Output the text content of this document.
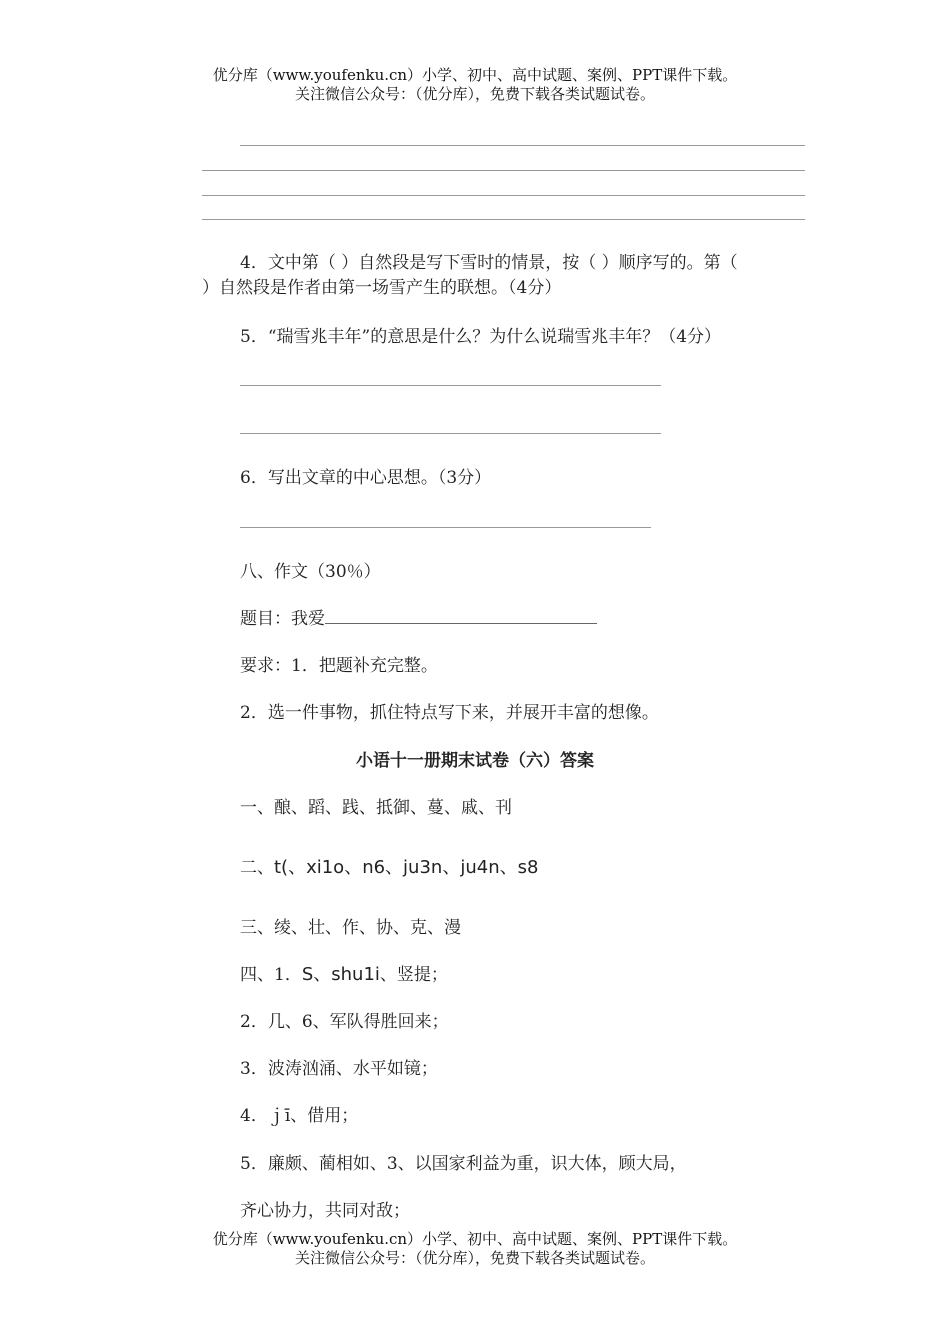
优分库（www.youfenku.cn）小学、初中、高中试题、案例、PPT课件下载。
关注微信公众号：（优分库），免费下载各类试题试卷。
4．文中第（ ）自然段是写下雪时的情景，按（ ）顺序写的。第（
）自然段是作者由第一场雪产生的联想。（4分）
5．“瑞雪兆丰年”的意思是什么？为什么说瑞雪兆丰年？（4分）
6．写出文章的中心思想。（3分）
八、作文（30％）
题目：我爱
要求：1．把题补充完整。
2．选一件事物，抓住特点写下来，并展开丰富的想像。
小语十一册期末试卷（六）答案
一、酿、蹈、践、抵御、蔓、戚、刊
二、t(、xi1o、n6、ju3n、ju4n、s8
三、绫、壮、作、协、克、漫
四、1．S、shu1i、竖提；
2．几、6、军队得胜回来；
3．波涛汹涌、水平如镜；
4．ｊī、借用；
5．廉颇、蔺相如、3、以国家利益为重，识大体，顾大局，
齐心协力，共同对敌；
优分库（www.youfenku.cn）小学、初中、高中试题、案例、PPT课件下载。
关注微信公众号：（优分库），免费下载各类试题试卷。
